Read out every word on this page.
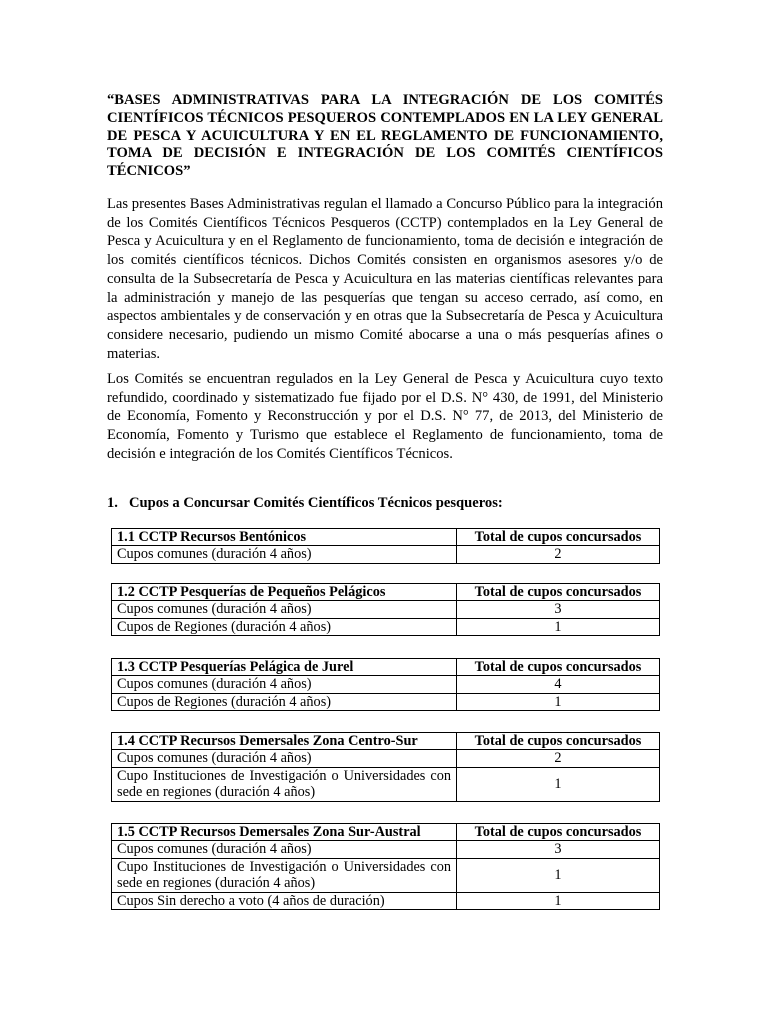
“BASES ADMINISTRATIVAS PARA LA INTEGRACIÓN DE LOS COMITÉS CIENTÍFICOS TÉCNICOS PESQUEROS CONTEMPLADOS EN LA LEY GENERAL DE PESCA Y ACUICULTURA Y EN EL REGLAMENTO DE FUNCIONAMIENTO, TOMA DE DECISIÓN E INTEGRACIÓN DE LOS COMITÉS CIENTÍFICOS TÉCNICOS”

Las presentes Bases Administrativas regulan el llamado a Concurso Público para la integración de los Comités Científicos Técnicos Pesqueros (CCTP) contemplados en la Ley General de Pesca y Acuicultura y en el Reglamento de funcionamiento, toma de decisión e integración de los comités científicos técnicos. Dichos Comités consisten en organismos asesores y/o de consulta de la Subsecretaría de Pesca y Acuicultura en las materias científicas relevantes para la administración y manejo de las pesquerías que tengan su acceso cerrado, así como, en aspectos ambientales y de conservación y en otras que la Subsecretaría de Pesca y Acuicultura considere necesario, pudiendo un mismo Comité abocarse a una o más pesquerías afines o materias.

Los Comités se encuentran regulados en la Ley General de Pesca y Acuicultura cuyo texto refundido, coordinado y sistematizado fue fijado por el D.S. N° 430, de 1991, del Ministerio de Economía, Fomento y Reconstrucción y por el D.S. N° 77, de 2013, del Ministerio de Economía, Fomento y Turismo que establece el Reglamento de funcionamiento, toma de decisión e integración de los Comités Científicos Técnicos.

1. Cupos a Concursar Comités Científicos Técnicos pesqueros:

1.1 CCTP Recursos Bentónicos	Total de cupos concursados
Cupos comunes (duración 4 años)	2
1.2 CCTP Pesquerías de Pequeños Pelágicos	Total de cupos concursados
Cupos comunes (duración 4 años)	3
Cupos de Regiones (duración 4 años)	1
1.3 CCTP Pesquerías Pelágica de Jurel	Total de cupos concursados
Cupos comunes (duración 4 años)	4
Cupos de Regiones (duración 4 años)	1
1.4 CCTP Recursos Demersales Zona Centro-Sur	Total de cupos concursados
Cupos comunes (duración 4 años)	2
Cupo Instituciones de Investigación o Universidades con sede en regiones (duración 4 años)	1
1.5 CCTP Recursos Demersales Zona Sur-Austral	Total de cupos concursados
Cupos comunes (duración 4 años)	3
Cupo Instituciones de Investigación o Universidades con sede en regiones (duración 4 años)	1
Cupos Sin derecho a voto (4 años de duración)	1
